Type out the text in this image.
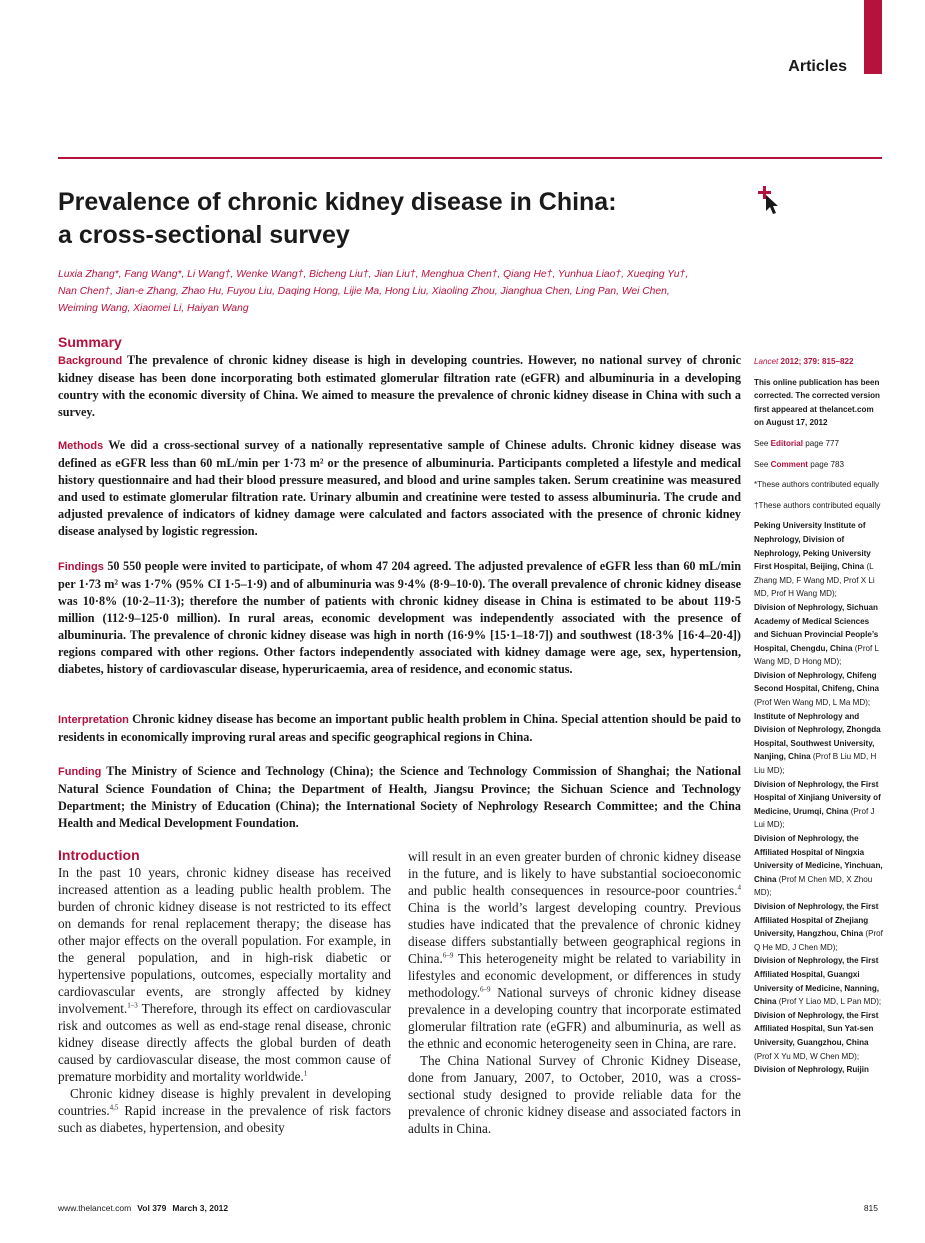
Articles
Prevalence of chronic kidney disease in China:
a cross-sectional survey
Luxia Zhang*, Fang Wang*, Li Wang†, Wenke Wang†, Bicheng Liu†, Jian Liu†, Menghua Chen†, Qiang He†, Yunhua Liao†, Xueqing Yu†,
Nan Chen†, Jian-e Zhang, Zhao Hu, Fuyou Liu, Daqing Hong, Lijie Ma, Hong Liu, Xiaoling Zhou, Jianghua Chen, Ling Pan, Wei Chen,
Weiming Wang, Xiaomei Li, Haiyan Wang
Summary
Background The prevalence of chronic kidney disease is high in developing countries. However, no national survey of chronic kidney disease has been done incorporating both estimated glomerular filtration rate (eGFR) and albuminuria in a developing country with the economic diversity of China. We aimed to measure the prevalence of chronic kidney disease in China with such a survey.
Methods We did a cross-sectional survey of a nationally representative sample of Chinese adults. Chronic kidney disease was defined as eGFR less than 60 mL/min per 1·73 m² or the presence of albuminuria. Participants completed a lifestyle and medical history questionnaire and had their blood pressure measured, and blood and urine samples taken. Serum creatinine was measured and used to estimate glomerular filtration rate. Urinary albumin and creatinine were tested to assess albuminuria. The crude and adjusted prevalence of indicators of kidney damage were calculated and factors associated with the presence of chronic kidney disease analysed by logistic regression.
Findings 50 550 people were invited to participate, of whom 47 204 agreed. The adjusted prevalence of eGFR less than 60 mL/min per 1·73 m² was 1·7% (95% CI 1·5–1·9) and of albuminuria was 9·4% (8·9–10·0). The overall prevalence of chronic kidney disease was 10·8% (10·2–11·3); therefore the number of patients with chronic kidney disease in China is estimated to be about 119·5 million (112·9–125·0 million). In rural areas, economic development was independently associated with the presence of albuminuria. The prevalence of chronic kidney disease was high in north (16·9% [15·1–18·7]) and southwest (18·3% [16·4–20·4]) regions compared with other regions. Other factors independently associated with kidney damage were age, sex, hypertension, diabetes, history of cardiovascular disease, hyperuricaemia, area of residence, and economic status.
Interpretation Chronic kidney disease has become an important public health problem in China. Special attention should be paid to residents in economically improving rural areas and specific geographical regions in China.
Funding The Ministry of Science and Technology (China); the Science and Technology Commission of Shanghai; the National Natural Science Foundation of China; the Department of Health, Jiangsu Province; the Sichuan Science and Technology Department; the Ministry of Education (China); the International Society of Nephrology Research Committee; and the China Health and Medical Development Foundation.
Introduction

In the past 10 years, chronic kidney disease has received increased attention as a leading public health problem. The burden of chronic kidney disease is not restricted to its effect on demands for renal replacement therapy; the disease has other major effects on the overall population. For example, in the general population, and in high-risk diabetic or hypertensive populations, outcomes, especially mortality and cardiovascular events, are strongly affected by kidney involvement.$^{1-3}$ Therefore, through its effect on cardiovascular risk and outcomes as well as end-stage renal disease, chronic kidney disease directly affects the global burden of death caused by cardiovascular disease, the most common cause of premature morbidity and mortality worldwide.$^1$

Chronic kidney disease is highly prevalent in developing countries.$^{4,5}$ Rapid increase in the prevalence of risk factors such as diabetes, hypertension, and obesity

will result in an even greater burden of chronic kidney disease in the future, and is likely to have substantial socioeconomic and public health consequences in resource-poor countries.$^4$ China is the world’s largest developing country. Previous studies have indicated that the prevalence of chronic kidney disease differs substantially between geographical regions in China.$^{6-9}$ This heterogeneity might be related to variability in lifestyles and economic development, or differences in study methodology.$^{6-9}$ National surveys of chronic kidney disease prevalence in a developing country that incorporate estimated glomerular filtration rate (eGFR) and albuminuria, as well as the ethnic and economic heterogeneity seen in China, are rare.

The China National Survey of Chronic Kidney Disease, done from January, 2007, to October, 2010, was a cross-sectional study designed to provide reliable data for the prevalence of chronic kidney disease and associated factors in adults in China.

Lancet 2012; 379: 815–822
This online publication has been corrected. The corrected version first appeared at thelancet.com on August 17, 2012
See Editorial page 777
See Comment page 783
*These authors contributed equally
†These authors contributed equally
Peking University Institute of Nephrology, Division of Nephrology, Peking University First Hospital, Beijing, China (L Zhang MD, F Wang MD, Prof X Li MD, Prof H Wang MD);
Division of Nephrology, Sichuan Academy of Medical Sciences and Sichuan Provincial People’s Hospital, Chengdu, China (Prof L Wang MD, D Hong MD);
Division of Nephrology, Chifeng Second Hospital, Chifeng, China (Prof Wen Wang MD, L Ma MD);
Institute of Nephrology and Division of Nephrology, Zhongda Hospital, Southwest University, Nanjing, China (Prof B Liu MD, H Liu MD);
Division of Nephrology, the First Hospital of Xinjiang University of Medicine, Urumqi, China (Prof J Lui MD);
Division of Nephrology, the Affiliated Hospital of Ningxia University of Medicine, Yinchuan, China (Prof M Chen MD, X Zhou MD);
Division of Nephrology, the First Affiliated Hospital of Zhejiang University, Hangzhou, China (Prof Q He MD, J Chen MD);
Division of Nephrology, the First Affiliated Hospital, Guangxi University of Medicine, Nanning, China (Prof Y Liao MD, L Pan MD);
Division of Nephrology, the First Affiliated Hospital, Sun Yat-sen University, Guangzhou, China (Prof X Yu MD, W Chen MD);
Division of Nephrology, Ruijin
www.thelancet.com Vol 379 March 3, 2012	815
